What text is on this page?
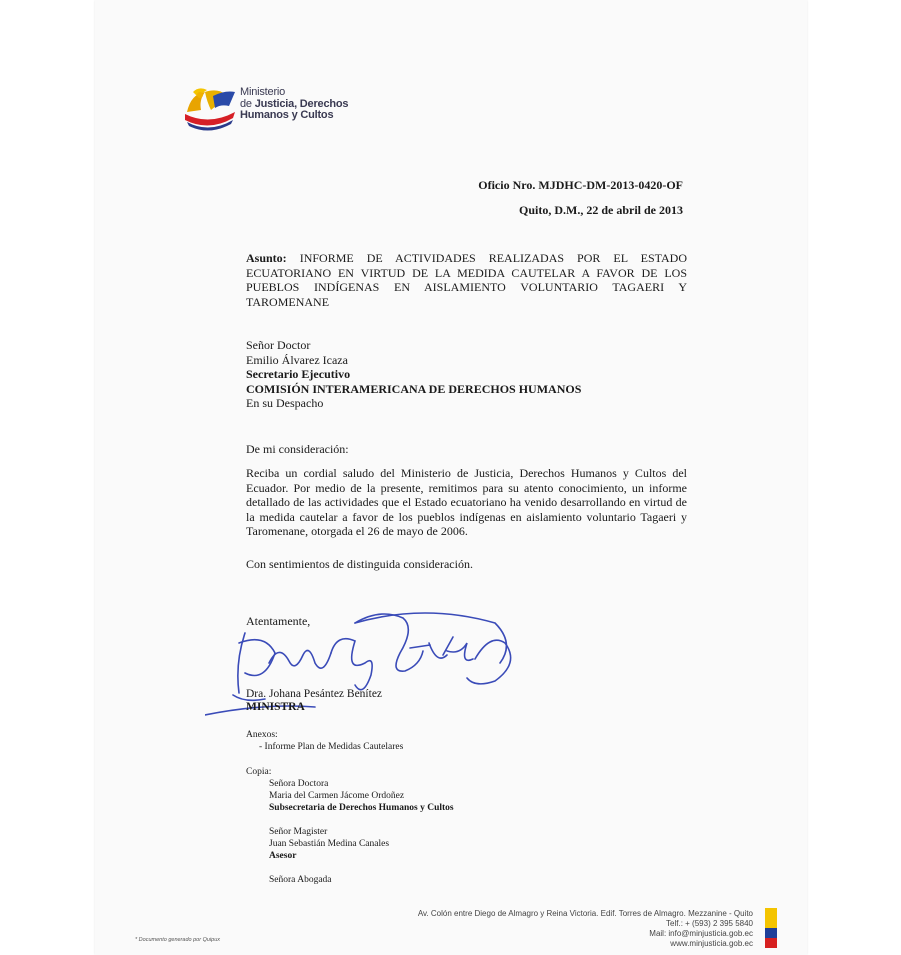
Ministerio
de Justicia, Derechos
Humanos y Cultos
Oficio Nro. MJDHC-DM-2013-0420-OF
Quito, D.M., 22 de abril de 2013
Asunto: INFORME DE ACTIVIDADES REALIZADAS POR EL ESTADO ECUATORIANO EN VIRTUD DE LA MEDIDA CAUTELAR A FAVOR DE LOS PUEBLOS INDÍGENAS EN AISLAMIENTO VOLUNTARIO TAGAERI Y TAROMENANE
Señor Doctor
Emilio Álvarez Icaza
Secretario Ejecutivo
COMISIÓN INTERAMERICANA DE DERECHOS HUMANOS
En su Despacho
De mi consideración:
Reciba un cordial saludo del Ministerio de Justicia, Derechos Humanos y Cultos del Ecuador. Por medio de la presente, remitimos para su atento conocimiento, un informe detallado de las actividades que el Estado ecuatoriano ha venido desarrollando en virtud de la medida cautelar a favor de los pueblos indígenas en aislamiento voluntario Tagaeri y Taromenane, otorgada el 26 de mayo de 2006.
Con sentimientos de distinguida consideración.
Atentamente,
Dra. Johana Pesántez Benítez
MINISTRA
Anexos:
- Informe Plan de Medidas Cautelares
Copia:
Señora Doctora
Maria del Carmen Jácome Ordoñez
Subsecretaria de Derechos Humanos y Cultos
Señor Magister
Juan Sebastián Medina Canales
Asesor
Señora Abogada
Av. Colón entre Diego de Almagro y Reina Victoria. Edif. Torres de Almagro. Mezzanine - Quito
Telf.: + (593) 2 395 5840
Mail: info@minjusticia.gob.ec
www.minjusticia.gob.ec
* Documento generado por Quipux
